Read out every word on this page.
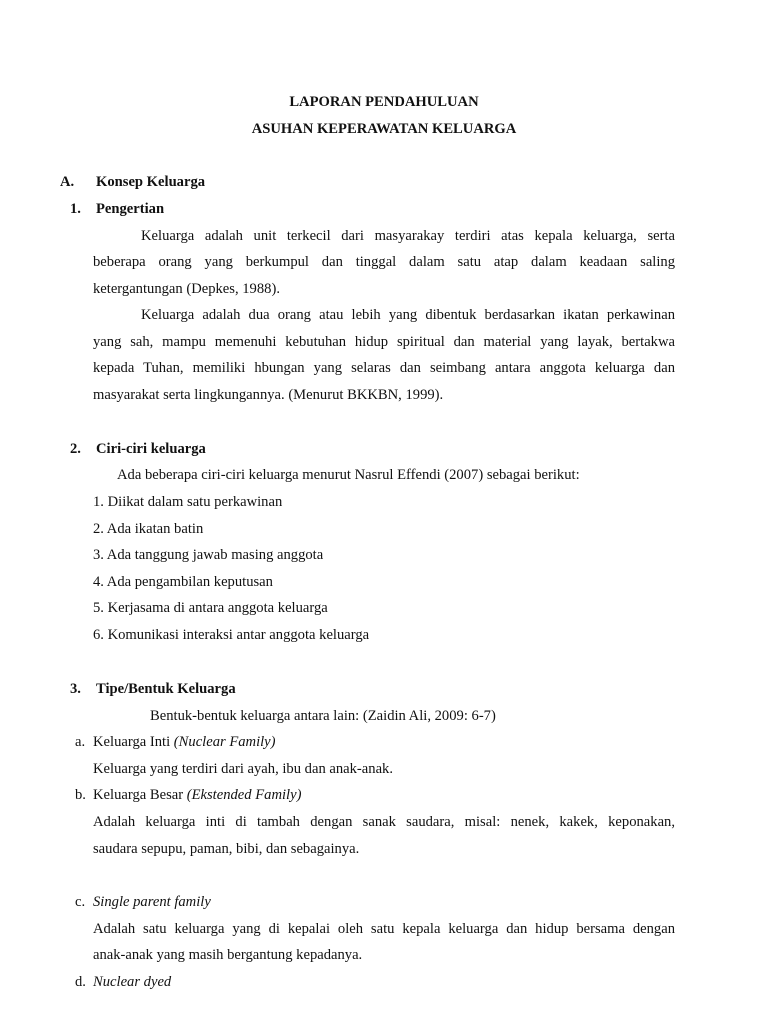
LAPORAN PENDAHULUAN
ASUHAN KEPERAWATAN KELUARGA
A. Konsep Keluarga
1. Pengertian
Keluarga adalah unit terkecil dari masyarakay terdiri atas kepala keluarga, serta
beberapa orang yang berkumpul dan tinggal dalam satu atap dalam keadaan saling
ketergantungan (Depkes, 1988).
Keluarga adalah dua orang atau lebih yang dibentuk berdasarkan ikatan perkawinan
yang sah, mampu memenuhi kebutuhan hidup spiritual dan material yang layak, bertakwa
kepada Tuhan, memiliki hbungan yang selaras dan seimbang antara anggota keluarga dan
masyarakat serta lingkungannya. (Menurut BKKBN, 1999).
2. Ciri-ciri keluarga
Ada beberapa ciri-ciri keluarga menurut Nasrul Effendi (2007) sebagai berikut:
1. Diikat dalam satu perkawinan
2. Ada ikatan batin
3. Ada tanggung jawab masing anggota
4. Ada pengambilan keputusan
5. Kerjasama di antara anggota keluarga
6. Komunikasi interaksi antar anggota keluarga
3. Tipe/Bentuk Keluarga
Bentuk-bentuk keluarga antara lain: (Zaidin Ali, 2009: 6-7)
a. Keluarga Inti (Nuclear Family)
Keluarga yang terdiri dari ayah, ibu dan anak-anak.
b. Keluarga Besar (Ekstended Family)
Adalah keluarga inti di tambah dengan sanak saudara, misal: nenek, kakek, keponakan,
saudara sepupu, paman, bibi, dan sebagainya.
c. Single parent family
Adalah satu keluarga yang di kepalai oleh satu kepala keluarga dan hidup bersama dengan
anak-anak yang masih bergantung kepadanya.
d. Nuclear dyed
